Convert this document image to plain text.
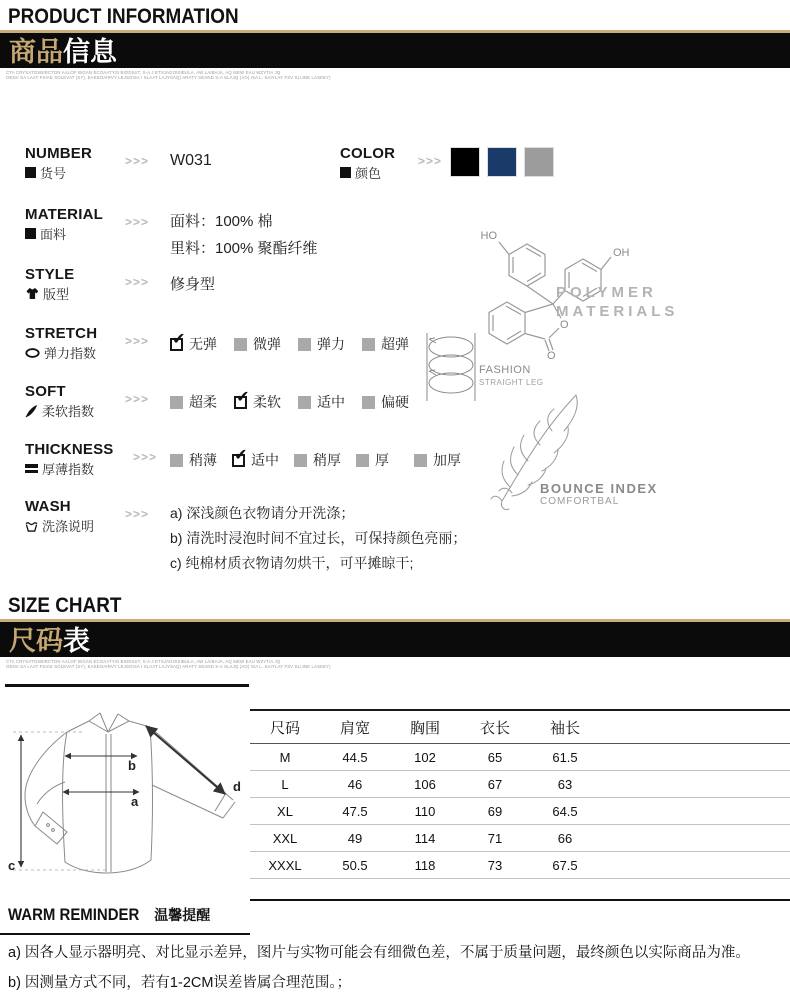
PRODUCT INFORMATION
商品信息
CTA CRYSATOSBIRCTON AALOF BIGAN ECOAATYSI BIODIUIT, S-A J ETSJAGOISIBULA, AW LAIBAJA, AQ MEW EAU WZYTIA JQ
OENV SA LAAT FSIAE SOLEVAT (SY), EAKEOAIRVY LEJSOISA I SLAAT LAJYSAQ) ARATY SEAND S-A SLAJQ (AO) ISA L. SAIYLAY FSV SLIJNE LASEEY)
NUMBER
货号
>>>	W031	COLOR
颜色
>>>
MATERIAL
面料
>>>	面料：100% 棉
里料：100% 聚酯纤维
STYLE
版型
>>>	修身型
STRETCH
弹力指数
>>>	✔ 无弹	微弹	弹力	超弹
SOFT
柔软指数
>>>	超柔 ✔ 柔软	适中	偏硬
THICKNESS
厚薄指数
>>>	稍薄 ✔ 适中 稍厚 厚	加厚
WASH
洗涤说明
>>>	a) 深浅颜色衣物请分开洗涤；
b) 清洗时浸泡时间不宜过长，可保持颜色亮丽；
c) 纯棉材质衣物请勿烘干，可平摊晾干;
HO
OH
O
O
POLYMER
MATERIALS
FASHION
STRAIGHT LEG
BOUNCE INDEX
COMFORTBAL
SIZE CHART
尺码表
CTA CRYSATOSBIRCTON AALOF BIGAN ECOAATYSI BIODIUIT, S-A J ETSJAGOISIBULA, AW LAIBAJA, AQ MEW EAU WZYTIA JQ
OENV SA LAAT FSIAE SOLEVAT (SY), EAKEOAIRVY LEJSOISA I SLAAT LAJYSAQ) ARATY SEAND S-A SLAJQ (AO) ISA L. SAIYLAY FSV SLIJNE LASEEY)
b
a
c
d
尺码	肩宽	胸围	衣长	袖长	
M	44.5	102	65	61.5	
L	46	106	67	63	
XL	47.5	110	69	64.5	
XXL	49	114	71	66	
XXXL	50.5	118	73	67.5	
WARM REMINDER 温馨提醒
a) 因各人显示器明亮、对比显示差异，图片与实物可能会有细微色差，不属于质量问题，最终颜色以实际商品为准。
b) 因测量方式不同，若有1-2CM误差皆属合理范围。；
